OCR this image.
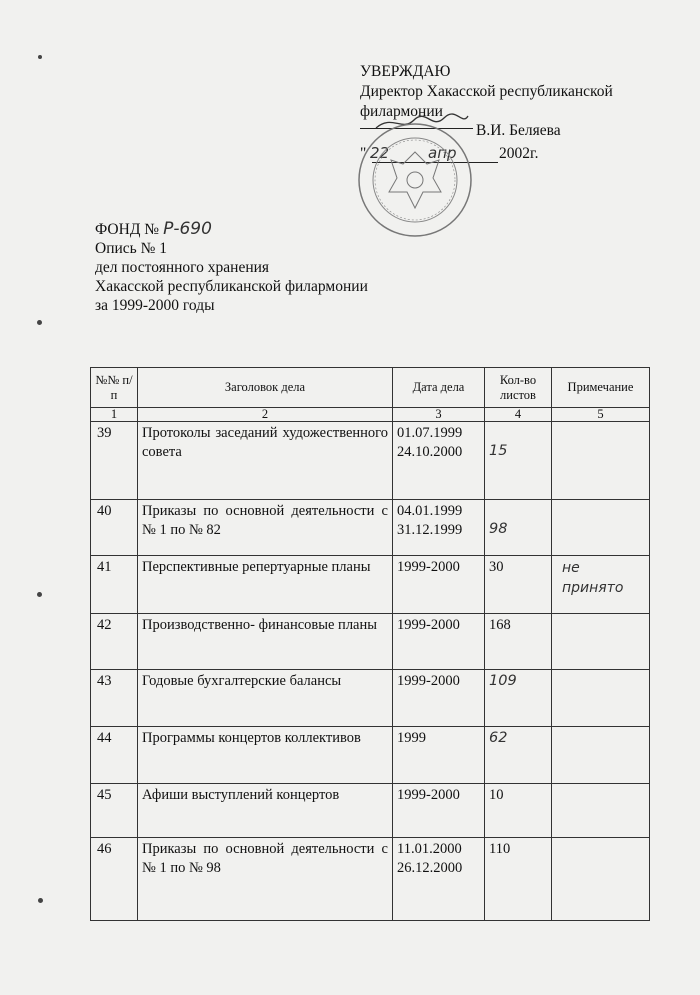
УВЕРЖДАЮ
Директор Хакасской республиканской
филармонии
В.И. Беляева
" 22	апр	2002г.
ФОНД № Р-690
Опись № 1
дел постоянного хранения
Хакасской республиканской филармонии
за 1999-2000 годы
№№ п/п	Заголовок дела	Дата дела	Кол-во листов	Примечание
1	2	3	4	5
39	Протоколы заседаний художественного совета	01.07.1999
24.10.2000	15	
40	Приказы по основной деятельности с № 1 по № 82	04.01.1999
31.12.1999	98	
41	Перспективные репертуарные планы	1999-2000	30	не принято
42	Производственно- финансовые планы	1999-2000	168	
43	Годовые бухгалтерские балансы	1999-2000	109	
44	Программы концертов коллективов	1999	62	
45	Афиши выступлений концертов	1999-2000	10	
46	Приказы по основной деятельности с № 1 по № 98	11.01.2000
26.12.2000	110	
